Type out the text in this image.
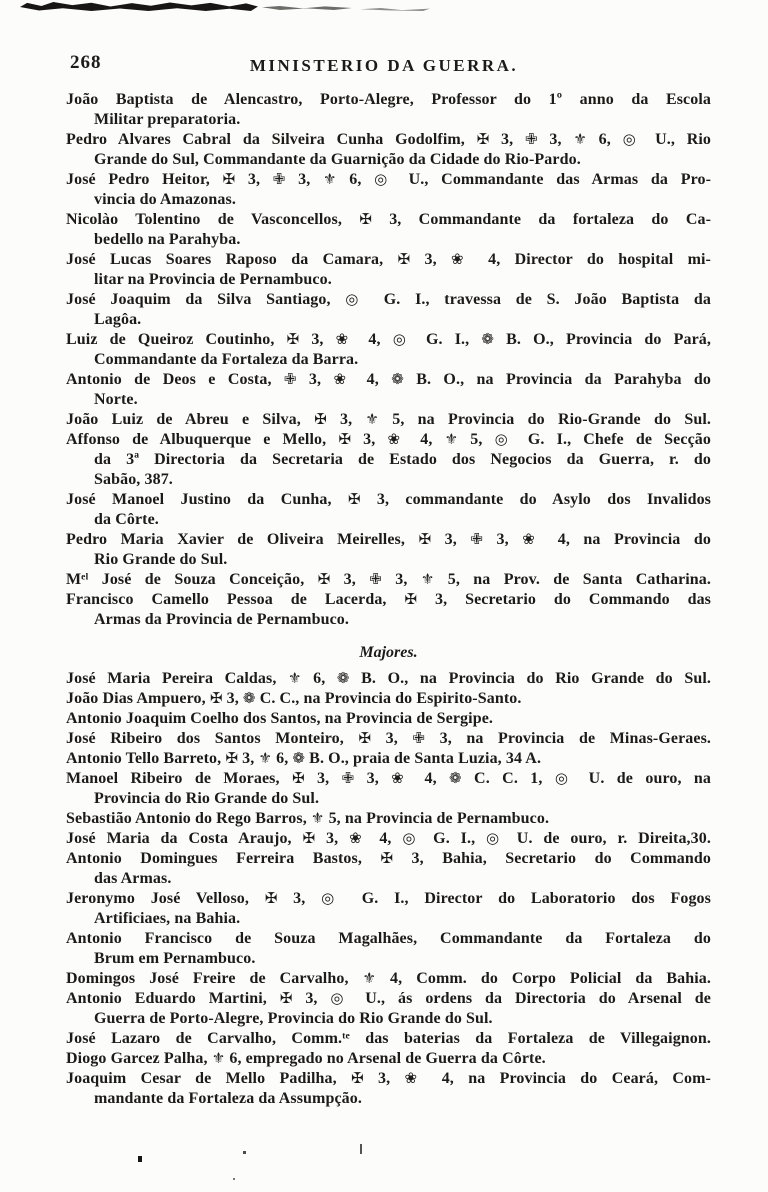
268	MINISTERIO DA GUERRA.

João Baptista de Alencastro, Porto-Alegre, Professor do 1º anno da Escola
Militar preparatoria.

Pedro Alvares Cabral da Silveira Cunha Godolfim, ✠ 3, ✙ 3, ⚜ 6, ◎ U., Rio
Grande do Sul, Commandante da Guarnição da Cidade do Rio-Pardo.

José Pedro Heitor, ✠ 3, ✙ 3, ⚜ 6, ◎ U., Commandante das Armas da Pro-
vincia do Amazonas.

Nicolào Tolentino de Vasconcellos, ✠ 3, Commandante da fortaleza do Ca-
bedello na Parahyba.

José Lucas Soares Raposo da Camara, ✠ 3, ❀ 4, Director do hospital mi-
litar na Provincia de Pernambuco.

José Joaquim da Silva Santiago, ◎ G. I., travessa de S. João Baptista da
Lagôa.

Luiz de Queiroz Coutinho, ✠ 3, ❀ 4, ◎ G. I., ❁ B. O., Provincia do Pará,
Commandante da Fortaleza da Barra.

Antonio de Deos e Costa, ✙ 3, ❀ 4, ❁ B. O., na Provincia da Parahyba do
Norte.

João Luiz de Abreu e Silva, ✠ 3, ⚜ 5, na Provincia do Rio-Grande do Sul.

Affonso de Albuquerque e Mello, ✠ 3, ❀ 4, ⚜ 5, ◎ G. I., Chefe de Secção
da 3ª Directoria da Secretaria de Estado dos Negocios da Guerra, r. do
Sabão, 387.

José Manoel Justino da Cunha, ✠ 3, commandante do Asylo dos Invalidos
da Côrte.

Pedro Maria Xavier de Oliveira Meirelles, ✠ 3, ✙ 3, ❀ 4, na Provincia do
Rio Grande do Sul.

Mᵉˡ José de Souza Conceição, ✠ 3, ✙ 3, ⚜ 5, na Prov. de Santa Catharina.

Francisco Camello Pessoa de Lacerda, ✠ 3, Secretario do Commando das
Armas da Provincia de Pernambuco.

Majores.

José Maria Pereira Caldas, ⚜ 6, ❁ B. O., na Provincia do Rio Grande do Sul.

João Dias Ampuero, ✠ 3, ❁ C. C., na Provincia do Espirito-Santo.

Antonio Joaquim Coelho dos Santos, na Provincia de Sergipe.

José Ribeiro dos Santos Monteiro, ✠ 3, ✙ 3, na Provincia de Minas-Geraes.

Antonio Tello Barreto, ✠ 3, ⚜ 6, ❁ B. O., praia de Santa Luzia, 34 A.

Manoel Ribeiro de Moraes, ✠ 3, ✙ 3, ❀ 4, ❁ C. C. 1, ◎ U. de ouro, na
Provincia do Rio Grande do Sul.

Sebastião Antonio do Rego Barros, ⚜ 5, na Provincia de Pernambuco.

José Maria da Costa Araujo, ✠ 3, ❀ 4, ◎ G. I., ◎ U. de ouro, r. Direita,30.

Antonio Domingues Ferreira Bastos, ✠ 3, Bahia, Secretario do Commando
das Armas.

Jeronymo José Velloso, ✠ 3, ◎ G. I., Director do Laboratorio dos Fogos
Artificiaes, na Bahia.

Antonio Francisco de Souza Magalhães, Commandante da Fortaleza do
Brum em Pernambuco.

Domingos José Freire de Carvalho, ⚜ 4, Comm. do Corpo Policial da Bahia.

Antonio Eduardo Martini, ✠ 3, ◎ U., ás ordens da Directoria do Arsenal de
Guerra de Porto-Alegre, Provincia do Rio Grande do Sul.

José Lazaro de Carvalho, Comm.ᵗᵉ das baterias da Fortaleza de Villegaignon.

Diogo Garcez Palha, ⚜ 6, empregado no Arsenal de Guerra da Côrte.

Joaquim Cesar de Mello Padilha, ✠ 3, ❀ 4, na Provincia do Ceará, Com-
mandante da Fortaleza da Assumpção.
